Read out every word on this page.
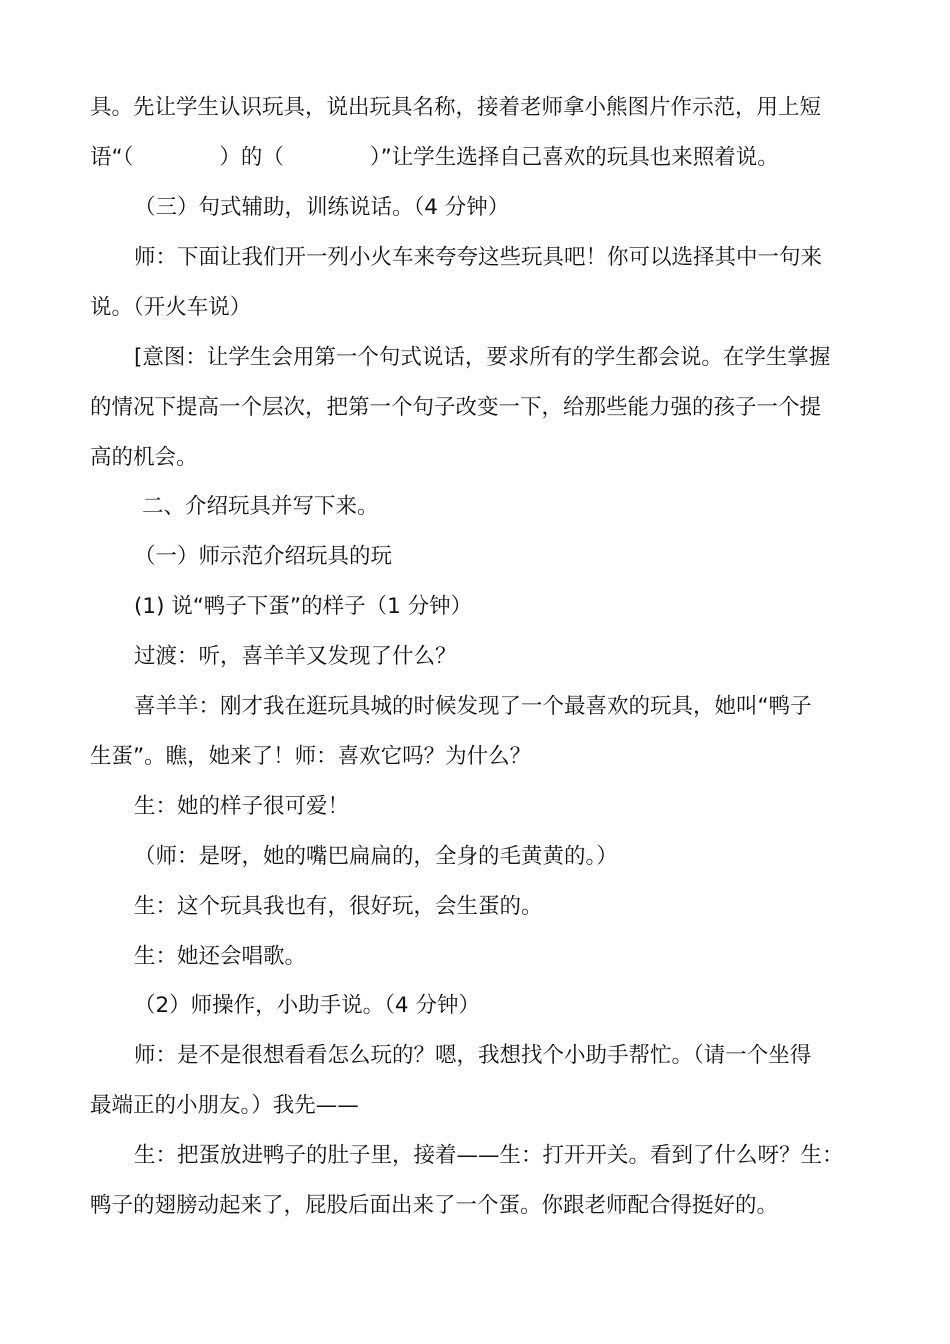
具。先让学生认识玩具，说出玩具名称，接着老师拿小熊图片作示范，用上短
语“（　　　　）的（　　　　）”让学生选择自己喜欢的玩具也来照着说。
（三）句式辅助，训练说话。（4 分钟）
师：下面让我们开一列小火车来夸夸这些玩具吧！你可以选择其中一句来
说。（开火车说）
[意图：让学生会用第一个句式说话，要求所有的学生都会说。在学生掌握
的情况下提高一个层次，把第一个句子改变一下，给那些能力强的孩子一个提
高的机会。
二、介绍玩具并写下来。
（一）师示范介绍玩具的玩
(1) 说“鸭子下蛋”的样子（1 分钟）
过渡：听，喜羊羊又发现了什么？
喜羊羊：刚才我在逛玩具城的时候发现了一个最喜欢的玩具，她叫“鸭子
生蛋”。瞧，她来了！师：喜欢它吗？为什么？
生：她的样子很可爱！
（师：是呀，她的嘴巴扁扁的，全身的毛黄黄的。）
生：这个玩具我也有，很好玩，会生蛋的。
生：她还会唱歌。
（2）师操作，小助手说。（4 分钟）
师：是不是很想看看怎么玩的？嗯，我想找个小助手帮忙。（请一个坐得
最端正的小朋友。）我先——
生：把蛋放进鸭子的肚子里，接着——生：打开开关。看到了什么呀？生：
鸭子的翅膀动起来了，屁股后面出来了一个蛋。你跟老师配合得挺好的。
